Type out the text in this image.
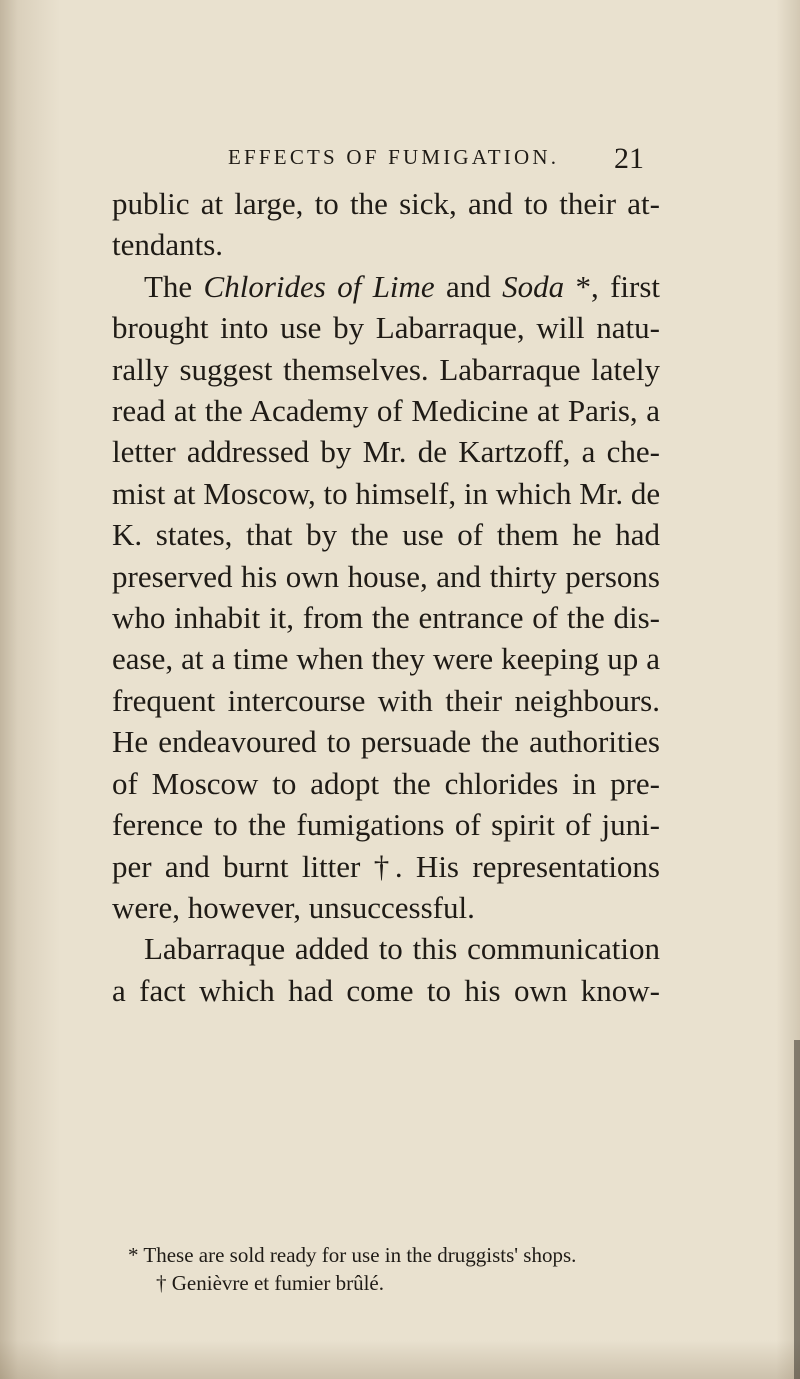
EFFECTS OF FUMIGATION. 21
public at large, to the sick, and to their at-
tendants.
The Chlorides of Lime and Soda *, first
brought into use by Labarraque, will natu-
rally suggest themselves. Labarraque lately
read at the Academy of Medicine at Paris, a
letter addressed by Mr. de Kartzoff, a che-
mist at Moscow, to himself, in which Mr. de
K. states, that by the use of them he had
preserved his own house, and thirty persons
who inhabit it, from the entrance of the dis-
ease, at a time when they were keeping up a
frequent intercourse with their neighbours.
He endeavoured to persuade the authorities
of Moscow to adopt the chlorides in pre-
ference to the fumigations of spirit of juni-
per and burnt litter †. His representations
were, however, unsuccessful.
Labarraque added to this communication
a fact which had come to his own know-
* These are sold ready for use in the druggists' shops.
† Genièvre et fumier brûlé.
